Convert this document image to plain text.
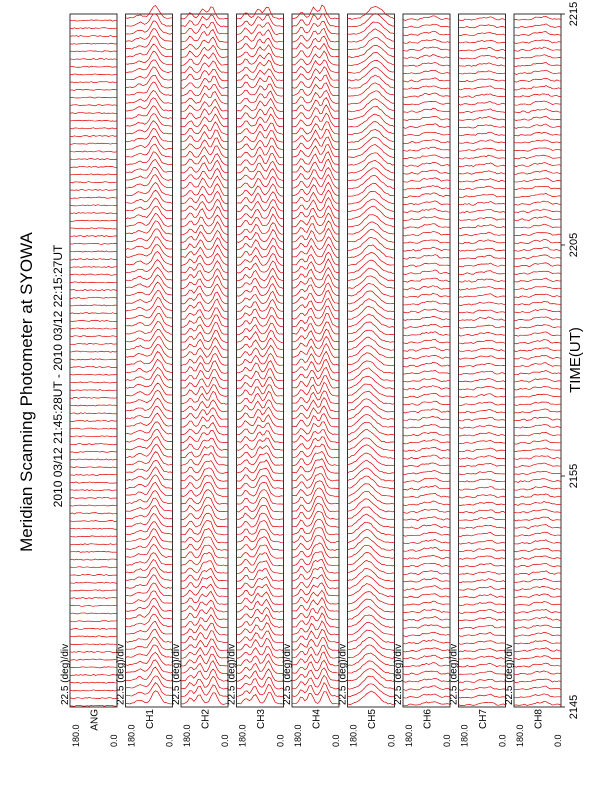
180.0	0.0
ANG
22.5 (deg)/div
180.0	0.0
CH1
22.5 (deg)/div
180.0	0.0
CH2
22.5 (deg)/div
180.0	0.0
CH3
22.5 (deg)/div
180.0	0.0
CH4
22.5 (deg)/div
180.0	0.0
CH5
22.5 (deg)/div
180.0	0.0
CH6
22.5 (deg)/div
180.0	0.0
CH7
22.5 (deg)/div
180.0	0.0
CH8
22.5 (deg)/div
Meridian Scanning Photometer at SYOWA 2010 03/12 21:45:28UT - 2010 03/12 22:15:27UT	TIME(UT)
2145
2155
2205
2215
